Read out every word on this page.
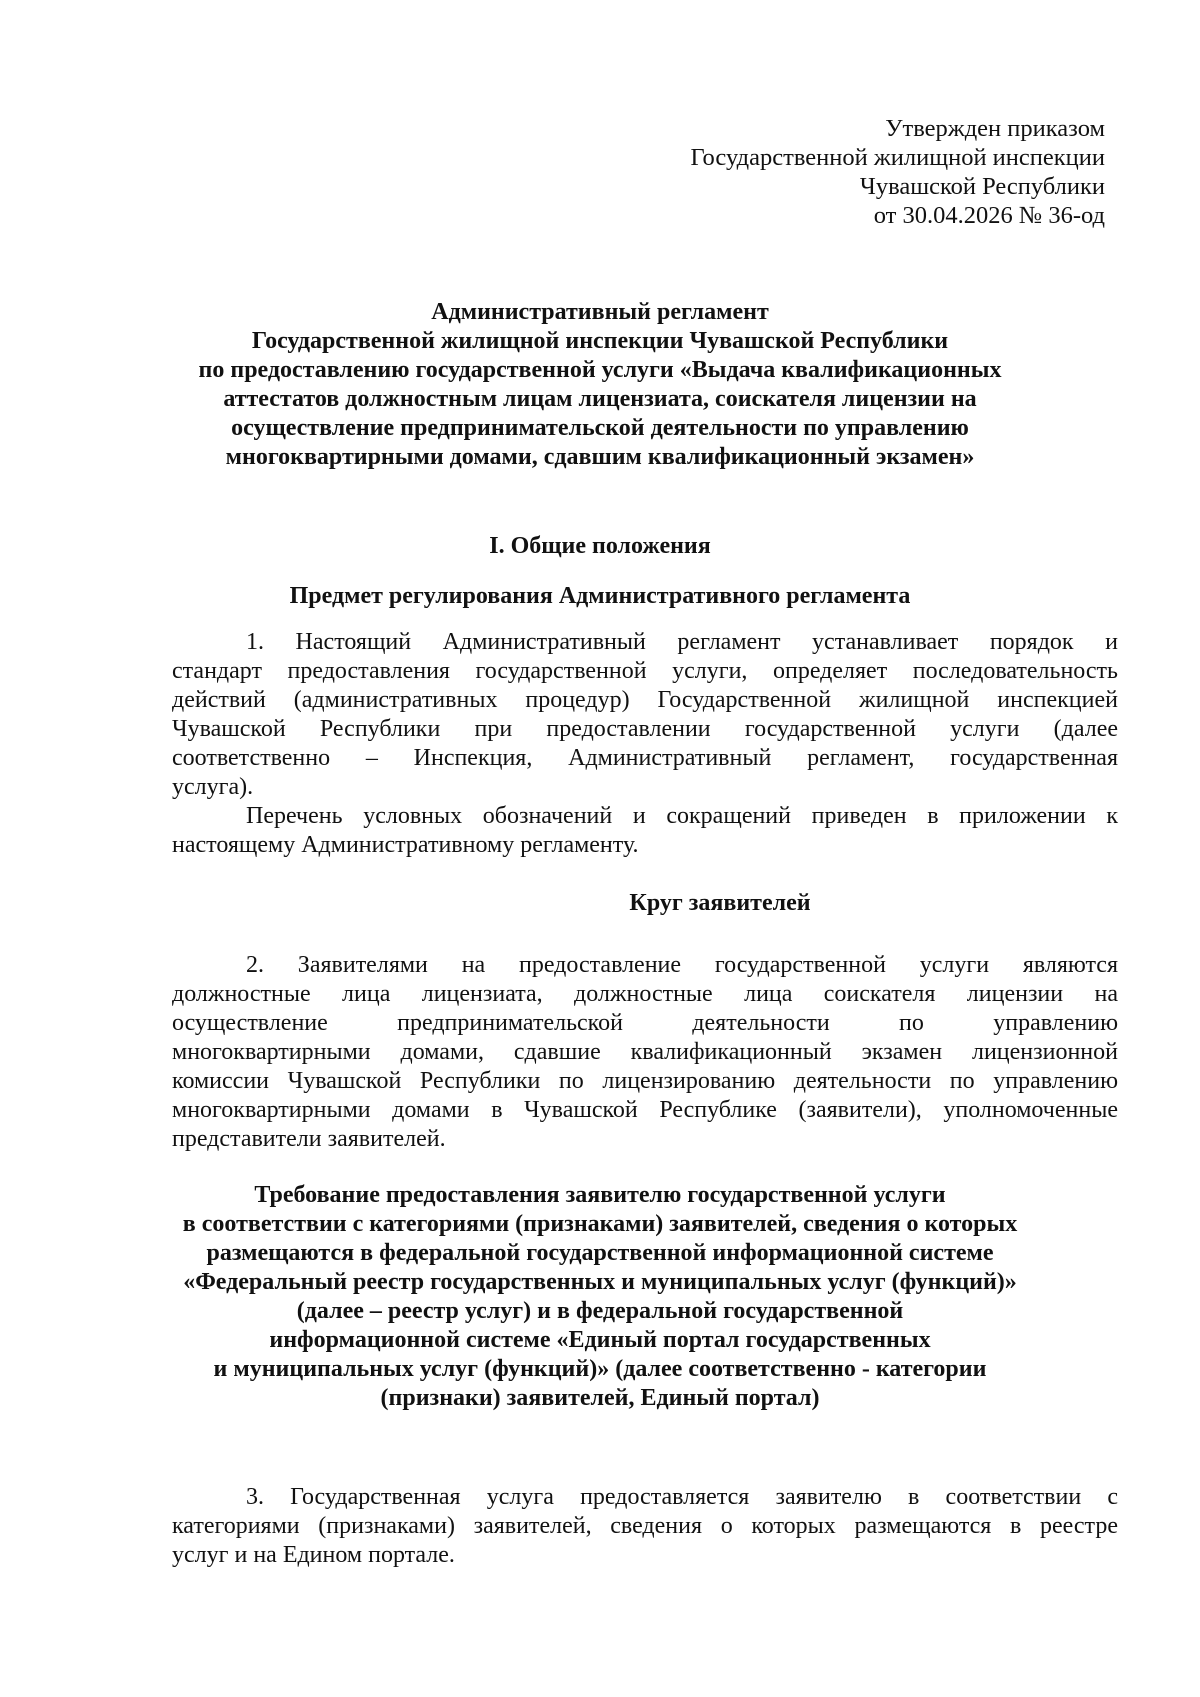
Утвержден приказом
Государственной жилищной инспекции
Чувашской Республики
от 30.04.2026 № 36-од
Административный регламент
Государственной жилищной инспекции Чувашской Республики
по предоставлению государственной услуги «Выдача квалификационных
аттестатов должностным лицам лицензиата, соискателя лицензии на
осуществление предпринимательской деятельности по управлению
многоквартирными домами, сдавшим квалификационный экзамен»
I. Общие положения
Предмет регулирования Административного регламента
1. Настоящий Административный регламент устанавливает порядок и
стандарт предоставления государственной услуги, определяет последовательность
действий (административных процедур) Государственной жилищной инспекцией
Чувашской Республики при предоставлении государственной услуги (далее
соответственно – Инспекция, Административный регламент, государственная
услуга).
Перечень условных обозначений и сокращений приведен в приложении к
настоящему Административному регламенту.
Круг заявителей
2. Заявителями на предоставление государственной услуги являются
должностные лица лицензиата, должностные лица соискателя лицензии на
осуществление предпринимательской деятельности по управлению
многоквартирными домами, сдавшие квалификационный экзамен лицензионной
комиссии Чувашской Республики по лицензированию деятельности по управлению
многоквартирными домами в Чувашской Республике (заявители), уполномоченные
представители заявителей.
Требование предоставления заявителю государственной услуги
в соответствии с категориями (признаками) заявителей, сведения о которых
размещаются в федеральной государственной информационной системе
«Федеральный реестр государственных и муниципальных услуг (функций)»
(далее – реестр услуг) и в федеральной государственной
информационной системе «Единый портал государственных
и муниципальных услуг (функций)» (далее соответственно - категории
(признаки) заявителей, Единый портал)
3. Государственная услуга предоставляется заявителю в соответствии с
категориями (признаками) заявителей, сведения о которых размещаются в реестре
услуг и на Едином портале.
